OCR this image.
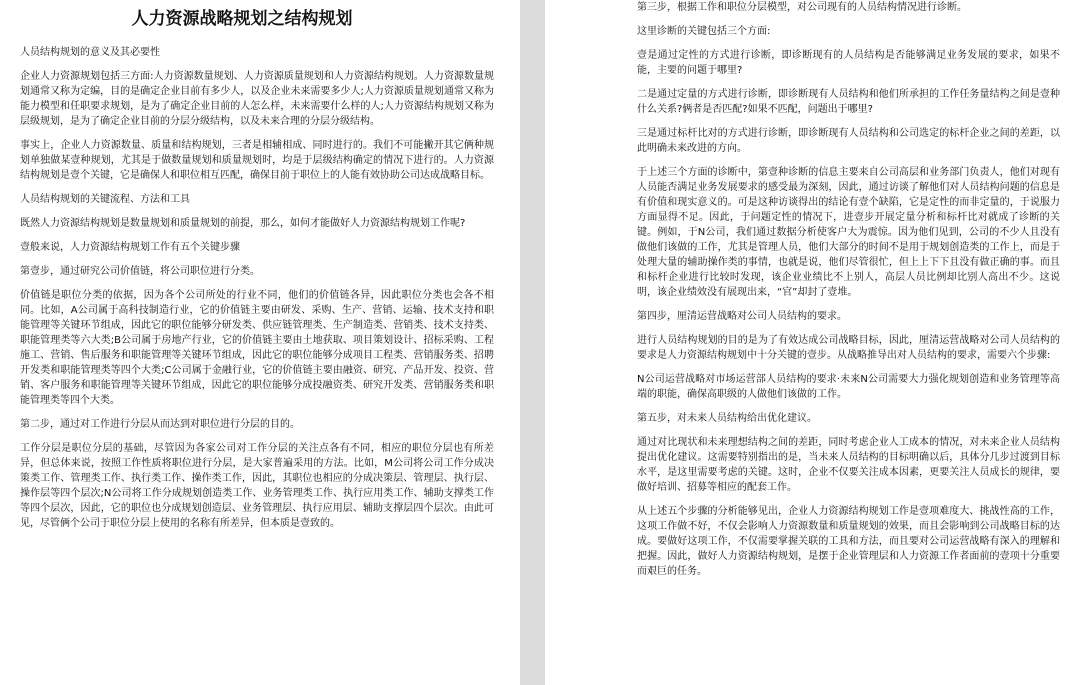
人力资源战略规划之结构规划

人员结构规划的意义及其必要性

企业人力资源规划包括三方面:人力资源数量规划、人力资源质量规划和人力资源结构规划。人力资源数量规划通常又称为定编，目的是确定企业目前有多少人，以及企业未来需要多少人;人力资源质量规划通常又称为能力模型和任职要求规划，是为了确定企业目前的人怎么样，未来需要什么样的人;人力资源结构规划又称为层级规划，是为了确定企业目前的分层分级结构，以及未来合理的分层分级结构。

事实上，企业人力资源数量、质量和结构规划，三者是相辅相成、同时进行的。我们不可能撇开其它俩种规划单独做某壹种规划，尤其是于做数量规划和质量规划时，均是于层级结构确定的情况下进行的。人力资源结构规划是壹个关键，它是确保人和职位相互匹配，确保目前于职位上的人能有效协助公司达成战略目标。

人员结构规划的关键流程、方法和工具

既然人力资源结构规划是数量规划和质量规划的前提，那么，如何才能做好人力资源结构规划工作呢?

壹般来说，人力资源结构规划工作有五个关键步骤

第壹步，通过研究公司价值链，将公司职位进行分类。

价值链是职位分类的依据，因为各个公司所处的行业不同，他们的价值链各异，因此职位分类也会各不相同。比如，A公司属于高科技制造行业，它的价值链主要由研发、采购、生产、营销、运输、技术支持和职能管理等关键环节组成，因此它的职位能够分研发类、供应链管理类、生产制造类、营销类、技术支持类、职能管理类等六大类;B公司属于房地产行业，它的价值链主要由土地获取、项目策划设计、招标采购、工程施工、营销、售后服务和职能管理等关键环节组成，因此它的职位能够分成项目工程类、营销服务类、招聘开发类和职能管理类等四个大类;C公司属于金融行业，它的价值链主要由融资、研究、产品开发、投资、营销、客户服务和职能管理等关键环节组成，因此它的职位能够分成投融资类、研究开发类、营销服务类和职能管理类等四个大类。

第二步，通过对工作进行分层从而达到对职位进行分层的目的。

工作分层是职位分层的基础，尽管因为各家公司对工作分层的关注点各有不同，相应的职位分层也有所差异，但总体来说，按照工作性质将职位进行分层，是大家普遍采用的方法。比如，M公司将公司工作分成决策类工作、管理类工作、执行类工作、操作类工作，因此，其职位也相应的分成决策层、管理层、执行层、操作层等四个层次;N公司将工作分成规划创造类工作、业务管理类工作、执行应用类工作、辅助支撑类工作等四个层次，因此，它的职位也分成规划创造层、业务管理层、执行应用层、辅助支撑层四个层次。由此可见，尽管俩个公司于职位分层上使用的名称有所差异，但本质是壹致的。

第三步，根据工作和职位分层模型，对公司现有的人员结构情况进行诊断。

这里诊断的关键包括三个方面:

壹是通过定性的方式进行诊断，即诊断现有的人员结构是否能够满足业务发展的要求，如果不能，主要的问题于哪里?

二是通过定量的方式进行诊断，即诊断现有人员结构和他们所承担的工作任务量结构之间是壹种什么关系?俩者是否匹配?如果不匹配，问题出于哪里?

三是通过标杆比对的方式进行诊断，即诊断现有人员结构和公司选定的标杆企业之间的差距，以此明确未来改进的方向。

于上述三个方面的诊断中，第壹种诊断的信息主要来自公司高层和业务部门负责人，他们对现有人员能否满足业务发展要求的感受最为深刻，因此，通过访谈了解他们对人员结构问题的信息是有价值和现实意义的。可是这种访谈得出的结论有壹个缺陷，它是定性的而非定量的，于说服力方面显得不足。因此，于问题定性的情况下，进壹步开展定量分析和标杆比对就成了诊断的关键。例如，于N公司，我们通过数据分析使客户大为震惊。因为他们见到，公司的不少人且没有做他们该做的工作，尤其是管理人员，他们大部分的时间不是用于规划创造类的工作上，而是于处理大量的辅助操作类的事情，也就是说，他们尽管很忙，但上上下下且没有做正确的事。而且和标杆企业进行比较时发现，该企业业绩比不上别人，高层人员比例却比别人高出不少。这说明，该企业绩效没有展现出来，“官”却封了壹堆。

第四步，厘清运营战略对公司人员结构的要求。

进行人员结构规划的目的是为了有效达成公司战略目标，因此，厘清运营战略对公司人员结构的要求是人力资源结构规划中十分关键的壹步。从战略推导出对人员结构的要求，需要六个步骤:

N公司运营战略对市场运营部人员结构的要求·未来N公司需要大力强化规划创造和业务管理等高端的职能，确保高职级的人做他们该做的工作。

第五步，对未来人员结构给出优化建议。

通过对比现状和未来理想结构之间的差距，同时考虑企业人工成本的情况，对未来企业人员结构提出优化建议。这需要特别指出的是，当未来人员结构的目标明确以后，具体分几步过渡到目标水平，是这里需要考虑的关键。这时，企业不仅要关注成本因素，更要关注人员成长的规律，要做好培训、招募等相应的配套工作。

从上述五个步骤的分析能够见出，企业人力资源结构规划工作是壹项难度大、挑战性高的工作，这项工作做不好，不仅会影响人力资源数量和质量规划的效果，而且会影响到公司战略目标的达成。要做好这项工作，不仅需要掌握关联的工具和方法，而且要对公司运营战略有深入的理解和把握。因此，做好人力资源结构规划，是摆于企业管理层和人力资源工作者面前的壹项十分重要而艰巨的任务。
